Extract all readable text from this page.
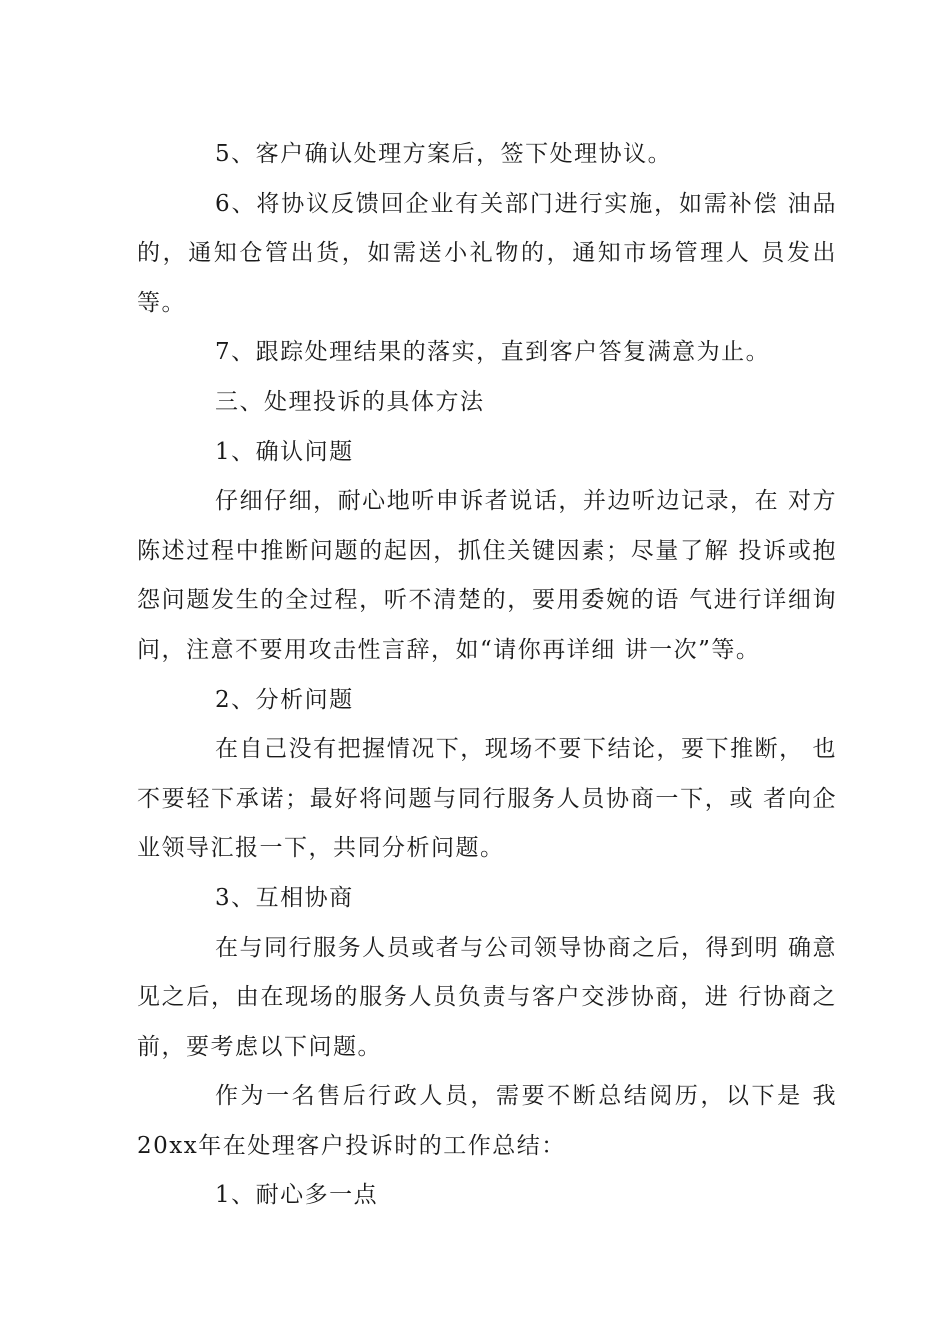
5、客户确认处理方案后，签下处理协议。

6、将协议反馈回企业有关部门进行实施，如需补偿 油品的，通知仓管出货，如需送小礼物的，通知市场管理人 员发出等。

7、跟踪处理结果的落实，直到客户答复满意为止。

三、处理投诉的具体方法

1、确认问题

仔细仔细，耐心地听申诉者说话，并边听边记录，在 对方陈述过程中推断问题的起因，抓住关键因素；尽量了解 投诉或抱怨问题发生的全过程，听不清楚的，要用委婉的语 气进行详细询问，注意不要用攻击性言辞，如“请你再详细 讲一次”等。

2、分析问题

在自己没有把握情况下，现场不要下结论，要下推断， 也不要轻下承诺；最好将问题与同行服务人员协商一下，或 者向企业领导汇报一下，共同分析问题。

3、互相协商

在与同行服务人员或者与公司领导协商之后，得到明 确意见之后，由在现场的服务人员负责与客户交涉协商，进 行协商之前，要考虑以下问题。

作为一名售后行政人员，需要不断总结阅历，以下是 我20xx年在处理客户投诉时的工作总结：

1、耐心多一点
